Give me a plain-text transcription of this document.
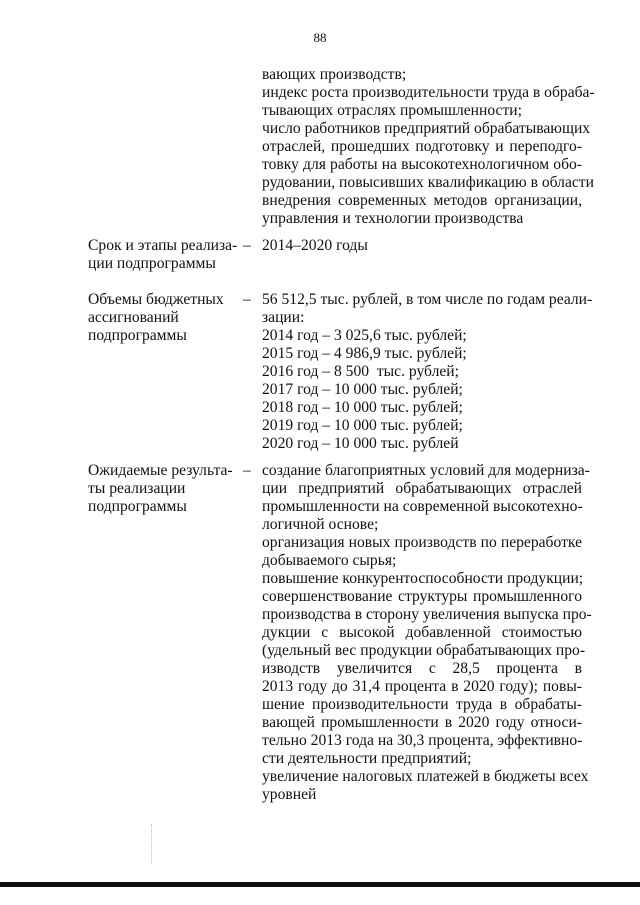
88
вающих производств;
индекс роста производительности труда в обраба-
тывающих отраслях промышленности;
число работников предприятий обрабатывающих
отраслей, прошедших подготовку и переподго-
товку для работы на высокотехнологичном обо-
рудовании, повысивших квалификацию в области
внедрения современных методов организации,
управления и технологии производства
Срок и этапы реализа-
ции подпрограммы
– 2014–2020 годы
Объемы бюджетных
ассигнований
подпрограммы
– 56 512,5 тыс. рублей, в том числе по годам реали-
зации:
2014 год – 3 025,6 тыс. рублей;
2015 год – 4 986,9 тыс. рублей;
2016 год – 8 500  тыс. рублей;
2017 год – 10 000 тыс. рублей;
2018 год – 10 000 тыс. рублей;
2019 год – 10 000 тыс. рублей;
2020 год – 10 000 тыс. рублей
Ожидаемые результа-
ты реализации
подпрограммы
– создание благоприятных условий для модерниза-
ции предприятий обрабатывающих отраслей
промышленности на современной высокотехно-
логичной основе;
организация новых производств по переработке
добываемого сырья;
повышение конкурентоспособности продукции;
совершенствование структуры промышленного
производства в сторону увеличения выпуска про-
дукции с высокой добавленной стоимостью
(удельный вес продукции обрабатывающих про-
изводств увеличится с 28,5 процента в
2013 году до 31,4 процента в 2020 году); повы-
шение производительности труда в обрабаты-
вающей промышленности в 2020 году относи-
тельно 2013 года на 30,3 процента, эффективно-
сти деятельности предприятий;
увеличение налоговых платежей в бюджеты всех
уровней
